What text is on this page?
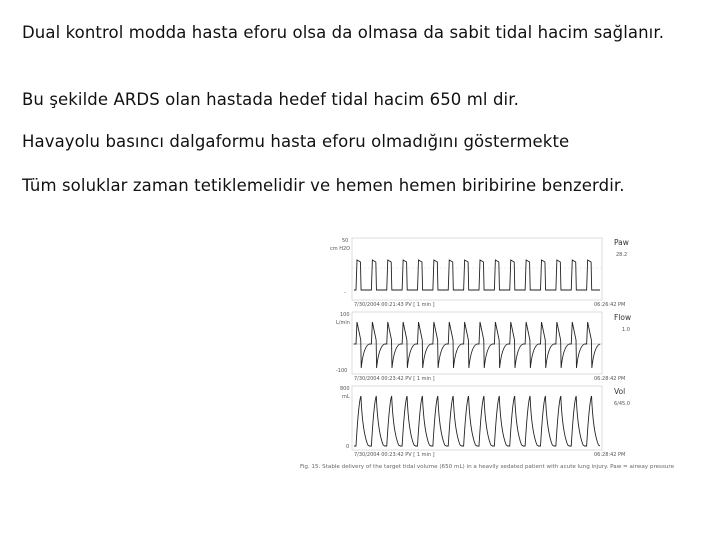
Dual kontrol modda hasta eforu olsa da olmasa da sabit tidal hacim sağlanır.
Bu şekilde ARDS olan hastada hedef tidal hacim 650 ml dir.
Havayolu basıncı dalgaformu hasta eforu olmadığını göstermekte
Tüm soluklar zaman tetiklemelidir ve hemen hemen biribirine benzerdir.
50
cm H2O
-
Paw
28.2
7/30/2004 00:21:43 PV [ 1 min ]	06:26:42 PM
100
L/min
-100
Flow
1.0
7/30/2004 00:23:42 PV [ 1 min ]	06:28:42 PM
800
mL
0
Vol
6/45.0
7/30/2004 00:23:42 PV [ 1 min ]	06:28:42 PM
Fig. 15. Stable delivery of the target tidal volume (650 mL) in a heavily sedated patient with acute lung injury. Paw = airway pressure
